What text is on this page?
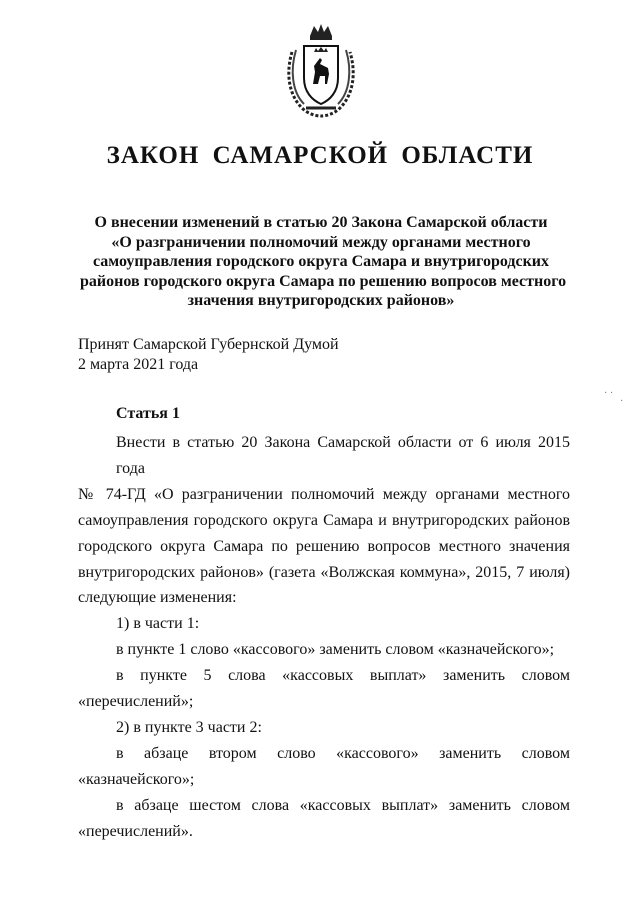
ЗАКОН САМАРСКОЙ ОБЛАСТИ
О внесении изменений в статью 20 Закона Самарской области
«О разграничении полномочий между органами местного
самоуправления городского округа Самара и внутригородских
районов городского округа Самара по решению вопросов местного
значения внутригородских районов»
Принят Самарской Губернской Думой
2 марта 2021 года

Статья 1

Внести в статью 20 Закона Самарской области от 6 июля 2015 года
№ 74-ГД «О разграничении полномочий между органами местного
самоуправления городского округа Самара и внутригородских районов
городского округа Самара по решению вопросов местного значения
внутригородских районов» (газета «Волжская коммуна», 2015, 7 июля)
следующие изменения:
1) в части 1:
в пункте 1 слово «кассового» заменить словом «казначейского»;
в пункте 5 слова «кассовых выплат» заменить словом
«перечислений»;
2) в пункте 3 части 2:
в абзаце втором слово «кассового» заменить словом
«казначейского»;
в абзаце шестом слова «кассовых выплат» заменить словом
«перечислений».
· ·
·
